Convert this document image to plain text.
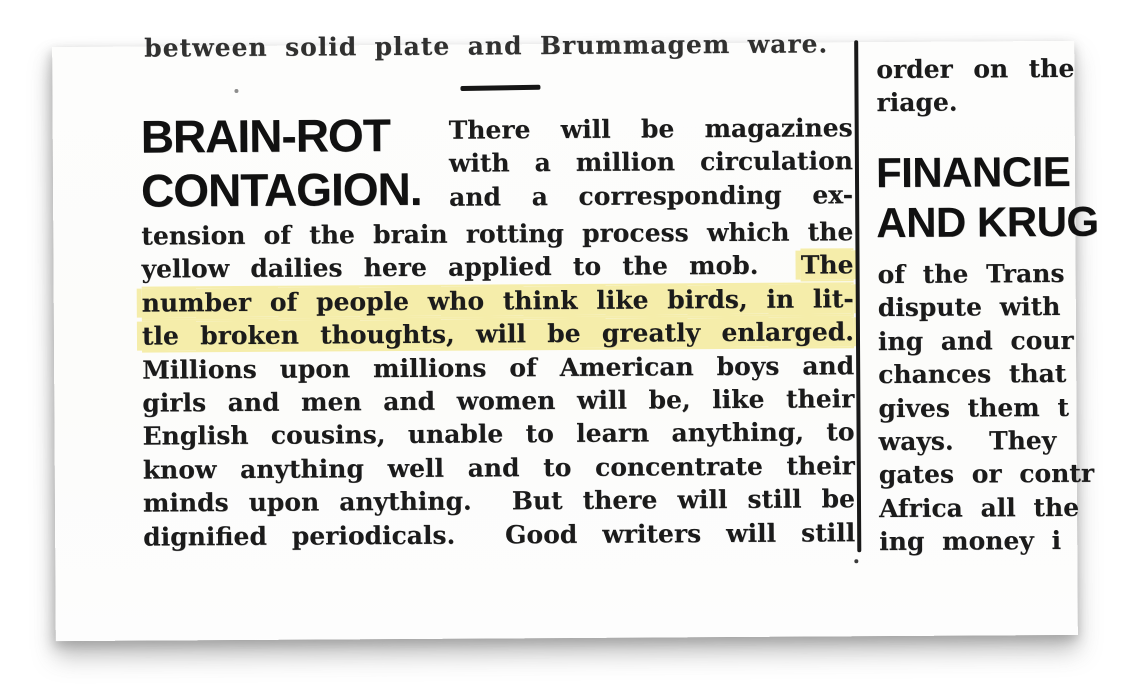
between solid plate and Brummagem ware.
BRAIN-ROT
CONTAGION.
There will be magazines
with a million circulation
and a corresponding ex-
tension of the brain rotting process which the
yellow dailies here applied to the mob.  The
number of people who think like birds, in lit-
tle broken thoughts, will be greatly enlarged.
Millions upon millions of American boys and
girls and men and women will be, like their
English cousins, unable to learn anything, to
know anything well and to concentrate their
minds upon anything.  But there will still be
dignified periodicals.  Good writers will still
order on the
riage.
FINANCIE
AND KRUG
of the Trans
dispute with
ing and cour
chances that
gives them t
ways.  They
gates or contr
Africa all the
ing money i
